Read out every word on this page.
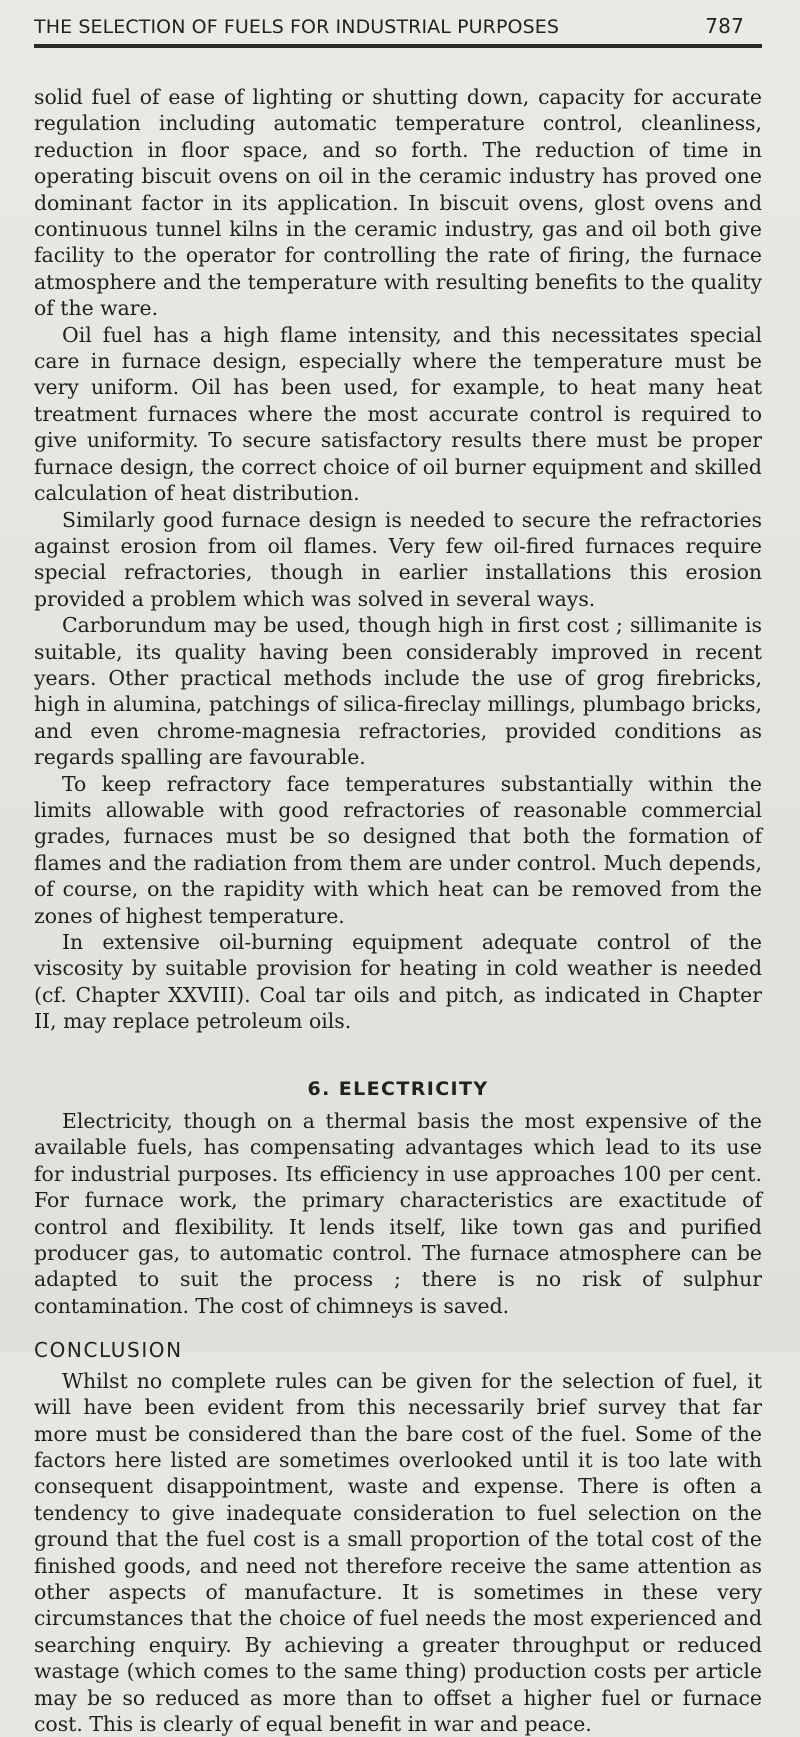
THE SELECTION OF FUELS FOR INDUSTRIAL PURPOSES	787

solid fuel of ease of lighting or shutting down, capacity for accurate regulation including automatic temperature control, cleanliness, reduction in floor space, and so forth. The reduction of time in operating biscuit ovens on oil in the ceramic industry has proved one dominant factor in its application. In biscuit ovens, glost ovens and continuous tunnel kilns in the ceramic industry, gas and oil both give facility to the operator for controlling the rate of firing, the furnace atmosphere and the temperature with resulting benefits to the quality of the ware.

Oil fuel has a high flame intensity, and this necessitates special care in furnace design, especially where the temperature must be very uniform. Oil has been used, for example, to heat many heat treatment furnaces where the most accurate control is required to give uniformity. To secure satisfactory results there must be proper furnace design, the correct choice of oil burner equipment and skilled calculation of heat distribution.

Similarly good furnace design is needed to secure the refractories against erosion from oil flames. Very few oil-fired furnaces require special refractories, though in earlier installations this erosion provided a problem which was solved in several ways.

Carborundum may be used, though high in first cost ; sillimanite is suitable, its quality having been considerably improved in recent years. Other practical methods include the use of grog firebricks, high in alumina, patchings of silica-fireclay millings, plumbago bricks, and even chrome-magnesia refractories, provided conditions as regards spalling are favourable.

To keep refractory face temperatures substantially within the limits allowable with good refractories of reasonable commercial grades, furnaces must be so designed that both the formation of flames and the radiation from them are under control. Much depends, of course, on the rapidity with which heat can be removed from the zones of highest temperature.

In extensive oil-burning equipment adequate control of the viscosity by suitable provision for heating in cold weather is needed (cf. Chapter XXVIII). Coal tar oils and pitch, as indicated in Chapter II, may replace petroleum oils.

6. ELECTRICITY

Electricity, though on a thermal basis the most expensive of the available fuels, has compensating advantages which lead to its use for industrial purposes. Its efficiency in use approaches 100 per cent. For furnace work, the primary characteristics are exactitude of control and flexibility. It lends itself, like town gas and purified producer gas, to automatic control. The furnace atmosphere can be adapted to suit the process ; there is no risk of sulphur contamination. The cost of chimneys is saved.

CONCLUSION

Whilst no complete rules can be given for the selection of fuel, it will have been evident from this necessarily brief survey that far more must be considered than the bare cost of the fuel. Some of the factors here listed are sometimes overlooked until it is too late with consequent disappointment, waste and expense. There is often a tendency to give inadequate consideration to fuel selection on the ground that the fuel cost is a small proportion of the total cost of the finished goods, and need not therefore receive the same attention as other aspects of manufacture. It is sometimes in these very circumstances that the choice of fuel needs the most experienced and searching enquiry. By achieving a greater throughput or reduced wastage (which comes to the same thing) production costs per article may be so reduced as more than to offset a higher fuel or furnace cost. This is clearly of equal benefit in war and peace.
